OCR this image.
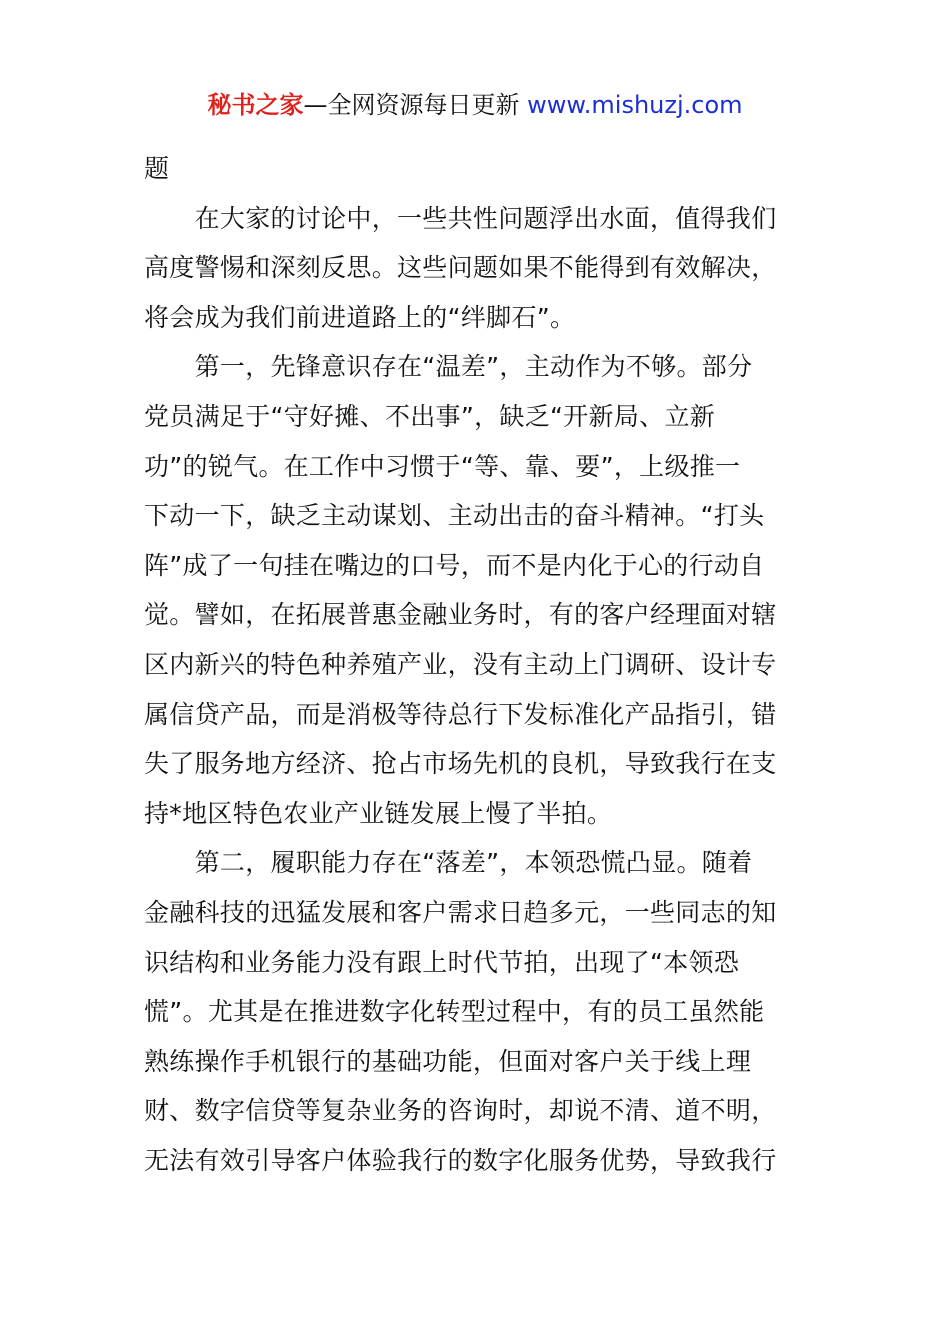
秘书之家—全网资源每日更新 www.mishuzj.com
题
　　在大家的讨论中，一些共性问题浮出水面，值得我们
高度警惕和深刻反思。这些问题如果不能得到有效解决，
将会成为我们前进道路上的“绊脚石”。
　　第一，先锋意识存在“温差”，主动作为不够。部分
党员满足于“守好摊、不出事”，缺乏“开新局、立新
功”的锐气。在工作中习惯于“等、靠、要”，上级推一
下动一下，缺乏主动谋划、主动出击的奋斗精神。“打头
阵”成了一句挂在嘴边的口号，而不是内化于心的行动自
觉。譬如，在拓展普惠金融业务时，有的客户经理面对辖
区内新兴的特色种养殖产业，没有主动上门调研、设计专
属信贷产品，而是消极等待总行下发标准化产品指引，错
失了服务地方经济、抢占市场先机的良机，导致我行在支
持*地区特色农业产业链发展上慢了半拍。
　　第二，履职能力存在“落差”，本领恐慌凸显。随着
金融科技的迅猛发展和客户需求日趋多元，一些同志的知
识结构和业务能力没有跟上时代节拍，出现了“本领恐
慌”。尤其是在推进数字化转型过程中，有的员工虽然能
熟练操作手机银行的基础功能，但面对客户关于线上理
财、数字信贷等复杂业务的咨询时，却说不清、道不明，
无法有效引导客户体验我行的数字化服务优势，导致我行
